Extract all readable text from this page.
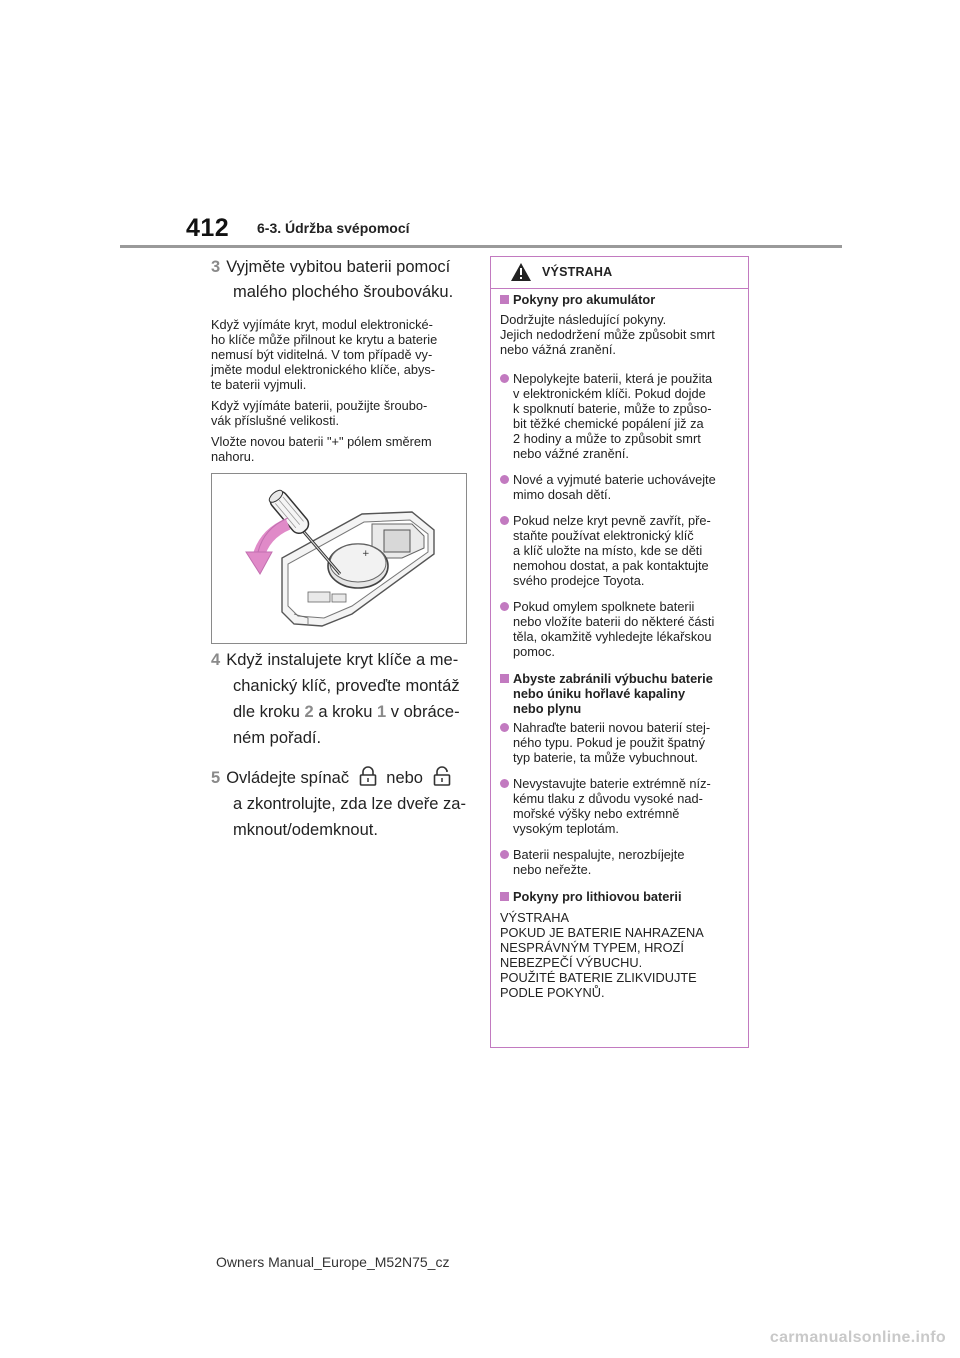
412 6-3. Údržba svépomocí
3 Vyjměte vybitou baterii pomocí
malého plochého šroubováku.

Když vyjímáte kryt, modul elektronické-
ho klíče může přilnout ke krytu a baterie
nemusí být viditelná. V tom případě vy-
jměte modul elektronického klíče, abys-
te baterii vyjmuli.

Když vyjímáte baterii, použijte šroubo-
vák příslušné velikosti.

Vložte novou baterii "+" pólem směrem
nahoru.

+
4 Když instalujete kryt klíče a me-
chanický klíč, proveďte montáž
dle kroku 2 a kroku 1 v obráce-
ném pořadí.
5 Ovládejte spínač nebo
a zkontrolujte, zda lze dveře za-
mknout/odemknout.
VÝSTRAHA
Pokyny pro akumulátor

Dodržujte následující pokyny.
Jejich nedodržení může způsobit smrt
nebo vážná zranění.

Nepolykejte baterii, která je použita
v elektronickém klíči. Pokud dojde
k spolknutí baterie, může to způso-
bit těžké chemické popálení již za
2 hodiny a může to způsobit smrt
nebo vážné zranění.
Nové a vyjmuté baterie uchovávejte
mimo dosah dětí.
Pokud nelze kryt pevně zavřít, pře-
staňte používat elektronický klíč
a klíč uložte na místo, kde se děti
nemohou dostat, a pak kontaktujte
svého prodejce Toyota.
Pokud omylem spolknete baterii
nebo vložíte baterii do některé části
těla, okamžitě vyhledejte lékařskou
pomoc.
Abyste zabránili výbuchu baterie
nebo úniku hořlavé kapaliny
nebo plynu
Nahraďte baterii novou baterií stej-
ného typu. Pokud je použit špatný
typ baterie, ta může vybuchnout.
Nevystavujte baterie extrémně níz-
kému tlaku z důvodu vysoké nad-
mořské výšky nebo extrémně
vysokým teplotám.
Baterii nespalujte, nerozbíjejte
nebo neřežte.
Pokyny pro lithiovou baterii

VÝSTRAHA
POKUD JE BATERIE NAHRAZENA
NESPRÁVNÝM TYPEM, HROZÍ
NEBEZPEČÍ VÝBUCHU.
POUŽITÉ BATERIE ZLIKVIDUJTE
PODLE POKYNŮ.

Owners Manual_Europe_M52N75_cz
carmanualsonline.info
